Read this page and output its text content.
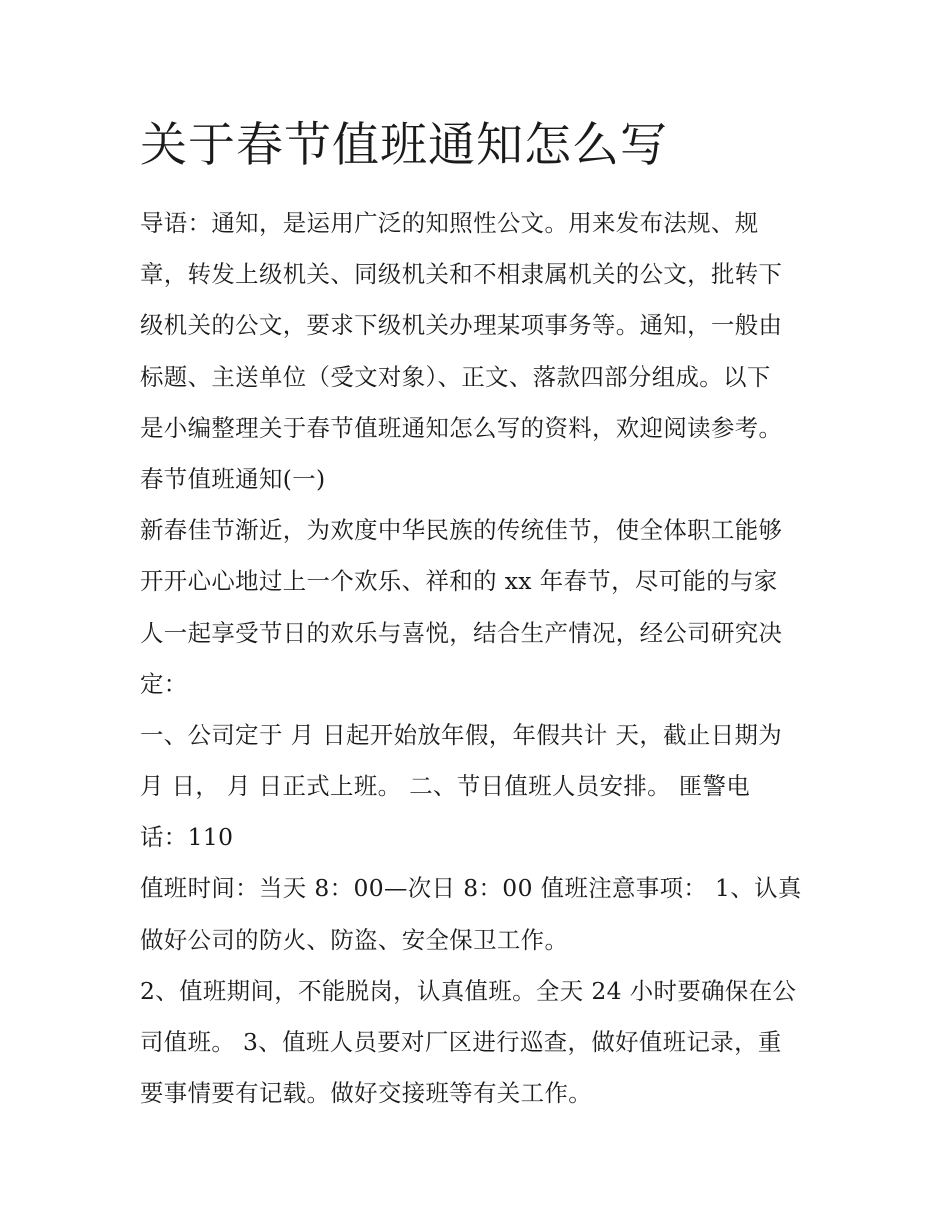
关于春节值班通知怎么写
导语：通知，是运用广泛的知照性公文。用来发布法规、规
章，转发上级机关、同级机关和不相隶属机关的公文，批转下
级机关的公文，要求下级机关办理某项事务等。通知，一般由
标题、主送单位（受文对象）、正文、落款四部分组成。以下
是小编整理关于春节值班通知怎么写的资料，欢迎阅读参考。
春节值班通知(一)
新春佳节渐近，为欢度中华民族的传统佳节，使全体职工能够
开开心心地过上一个欢乐、祥和的 xx 年春节，尽可能的与家
人一起享受节日的欢乐与喜悦，结合生产情况，经公司研究决
定：
一、公司定于 月 日起开始放年假，年假共计 天，截止日期为
月 日， 月 日正式上班。 二、节日值班人员安排。 匪警电
话：110
值班时间：当天 8：00—次日 8：00 值班注意事项： 1、认真
做好公司的防火、防盗、安全保卫工作。
2、值班期间，不能脱岗，认真值班。全天 24 小时要确保在公
司值班。 3、值班人员要对厂区进行巡查，做好值班记录，重
要事情要有记载。做好交接班等有关工作。
